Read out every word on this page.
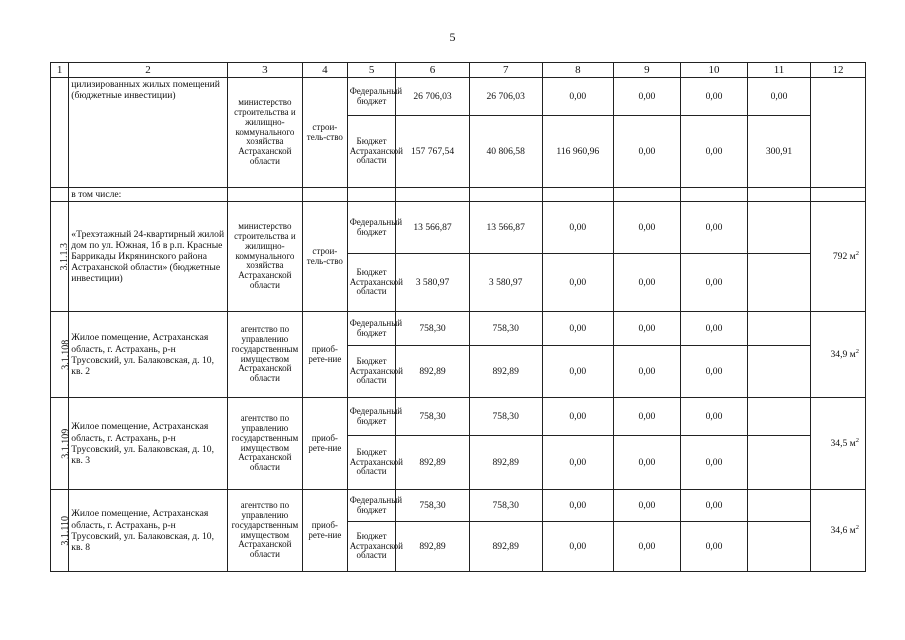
5
1	2	3	4	5	6	7	8	9	10	11	12
	цилизированных жилых помещений (бюджетные инвестиции)	министерство строительства и жилищно-коммунального хозяйства Астраханской области	строи-тель-ство	Федеральный бюджет	26 706,03	26 706,03	0,00	0,00	0,00	0,00	
				Бюджет Астраханской области	157 767,54	40 806,58	116 960,96	0,00	0,00	300,91	
	в том числе:										
3.1.1.3	«Трехэтажный 24-квартирный жилой дом по ул. Южная, 1б в р.п. Красные Баррикады Икрянинского района Астраханской области» (бюджетные инвестиции)	министерство строительства и жилищно-коммунального хозяйства Астраханской области	строи-тель-ство	Федеральный бюджет	13 566,87	13 566,87	0,00	0,00	0,00		792 $м^2$
				Бюджет Астраханской области	3 580,97	3 580,97	0,00	0,00	0,00		
3.1.108	Жилое помещение, Астраханская область, г. Астрахань, р-н Трусовский, ул. Балаковская, д. 10, кв. 2	агентство по управлению государственным имуществом Астраханской области	приоб-рете-ние	Федеральный бюджет	758,30	758,30	0,00	0,00	0,00		34,9 $м^2$
				Бюджет Астраханской области	892,89	892,89	0,00	0,00	0,00		
3.1.109	Жилое помещение, Астраханская область, г. Астрахань, р-н Трусовский, ул. Балаковская, д. 10, кв. 3	агентство по управлению государственным имуществом Астраханской области	приоб-рете-ние	Федеральный бюджет	758,30	758,30	0,00	0,00	0,00		34,5 $м^2$
				Бюджет Астраханской области	892,89	892,89	0,00	0,00	0,00		
3.1.110	Жилое помещение, Астраханская область, г. Астрахань, р-н Трусовский, ул. Балаковская, д. 10, кв. 8	агентство по управлению государственным имуществом Астраханской области	приоб-рете-ние	Федеральный бюджет	758,30	758,30	0,00	0,00	0,00		34,6 $м^2$
				Бюджет Астраханской области	892,89	892,89	0,00	0,00	0,00		
